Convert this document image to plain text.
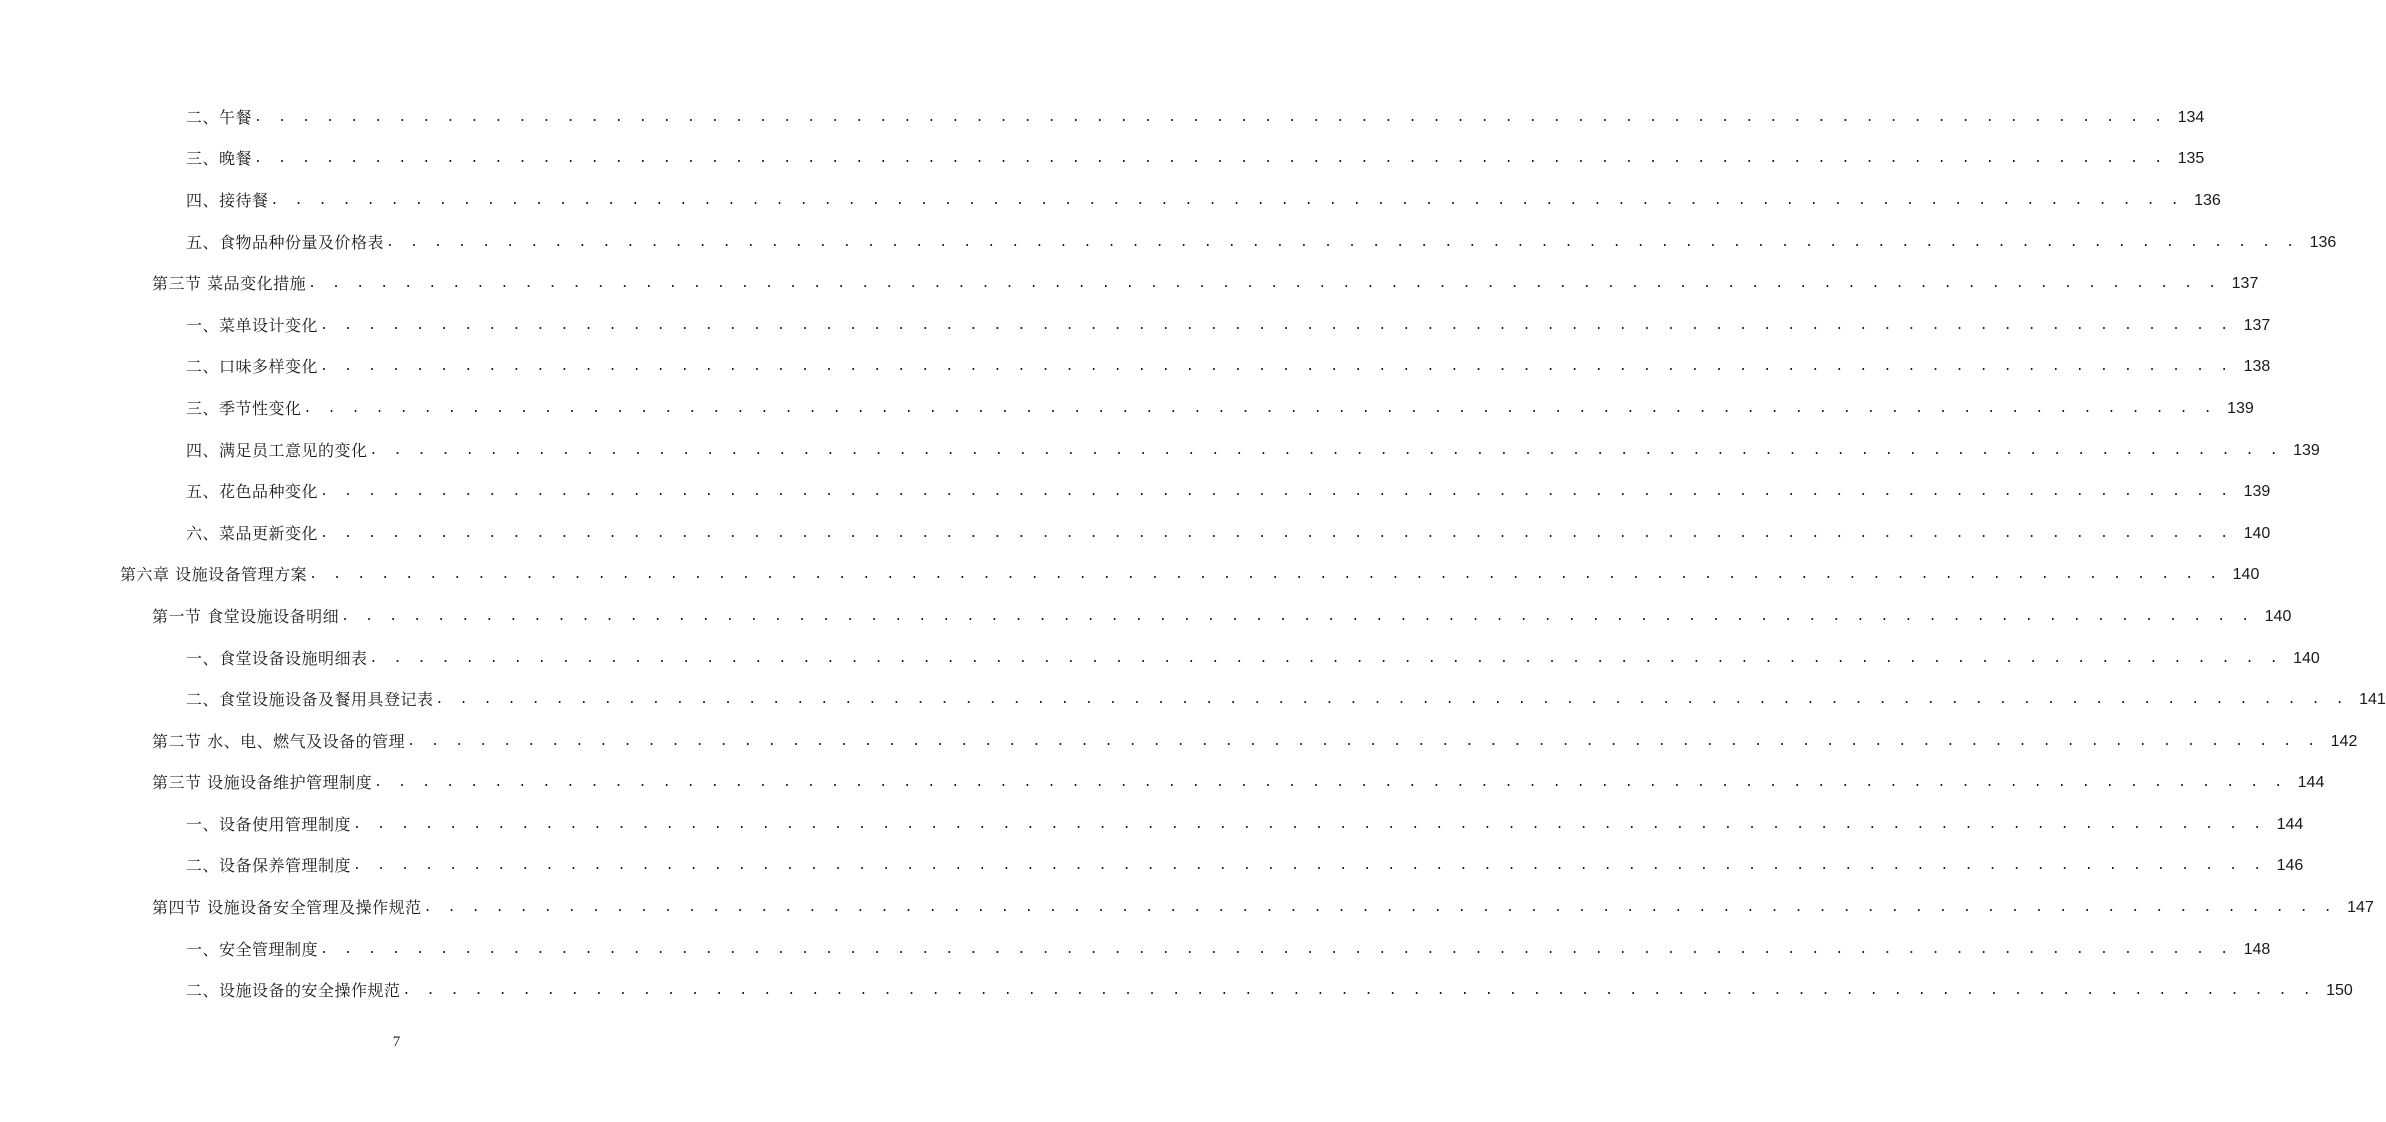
二、午餐 . . . . . . . . . . . . . . . . . . . . . . . . . . . . . . . . . . . . . . . . . . . . . . . . . . . . . . . . . . . . . . . . . . . . . . . . . . . . . . . . 134
三、晚餐 . . . . . . . . . . . . . . . . . . . . . . . . . . . . . . . . . . . . . . . . . . . . . . . . . . . . . . . . . . . . . . . . . . . . . . . . . . . . . . . . 135
四、接待餐 . . . . . . . . . . . . . . . . . . . . . . . . . . . . . . . . . . . . . . . . . . . . . . . . . . . . . . . . . . . . . . . . . . . . . . . . . . . . . . . . 136
五、食物品种份量及价格表 . . . . . . . . . . . . . . . . . . . . . . . . . . . . . . . . . . . . . . . . . . . . . . . . . . . . . . . . . . . . . . . . . . . . . . . . . . . . . . . . 136
第三节 菜品变化措施 . . . . . . . . . . . . . . . . . . . . . . . . . . . . . . . . . . . . . . . . . . . . . . . . . . . . . . . . . . . . . . . . . . . . . . . . . . . . . . . . 137
一、菜单设计变化 . . . . . . . . . . . . . . . . . . . . . . . . . . . . . . . . . . . . . . . . . . . . . . . . . . . . . . . . . . . . . . . . . . . . . . . . . . . . . . . . 137
二、口味多样变化 . . . . . . . . . . . . . . . . . . . . . . . . . . . . . . . . . . . . . . . . . . . . . . . . . . . . . . . . . . . . . . . . . . . . . . . . . . . . . . . . 138
三、季节性变化 . . . . . . . . . . . . . . . . . . . . . . . . . . . . . . . . . . . . . . . . . . . . . . . . . . . . . . . . . . . . . . . . . . . . . . . . . . . . . . . . 139
四、满足员工意见的变化 . . . . . . . . . . . . . . . . . . . . . . . . . . . . . . . . . . . . . . . . . . . . . . . . . . . . . . . . . . . . . . . . . . . . . . . . . . . . . . . . 139
五、花色品种变化 . . . . . . . . . . . . . . . . . . . . . . . . . . . . . . . . . . . . . . . . . . . . . . . . . . . . . . . . . . . . . . . . . . . . . . . . . . . . . . . . 139
六、菜品更新变化 . . . . . . . . . . . . . . . . . . . . . . . . . . . . . . . . . . . . . . . . . . . . . . . . . . . . . . . . . . . . . . . . . . . . . . . . . . . . . . . . 140
第六章 设施设备管理方案 . . . . . . . . . . . . . . . . . . . . . . . . . . . . . . . . . . . . . . . . . . . . . . . . . . . . . . . . . . . . . . . . . . . . . . . . . . . . . . . . 140
第一节 食堂设施设备明细 . . . . . . . . . . . . . . . . . . . . . . . . . . . . . . . . . . . . . . . . . . . . . . . . . . . . . . . . . . . . . . . . . . . . . . . . . . . . . . . . 140
一、食堂设备设施明细表 . . . . . . . . . . . . . . . . . . . . . . . . . . . . . . . . . . . . . . . . . . . . . . . . . . . . . . . . . . . . . . . . . . . . . . . . . . . . . . . . 140
二、食堂设施设备及餐用具登记表 . . . . . . . . . . . . . . . . . . . . . . . . . . . . . . . . . . . . . . . . . . . . . . . . . . . . . . . . . . . . . . . . . . . . . . . . . . . . . . . . 141
第二节 水、电、燃气及设备的管理 . . . . . . . . . . . . . . . . . . . . . . . . . . . . . . . . . . . . . . . . . . . . . . . . . . . . . . . . . . . . . . . . . . . . . . . . . . . . . . . . 142
第三节 设施设备维护管理制度 . . . . . . . . . . . . . . . . . . . . . . . . . . . . . . . . . . . . . . . . . . . . . . . . . . . . . . . . . . . . . . . . . . . . . . . . . . . . . . . . 144
一、设备使用管理制度 . . . . . . . . . . . . . . . . . . . . . . . . . . . . . . . . . . . . . . . . . . . . . . . . . . . . . . . . . . . . . . . . . . . . . . . . . . . . . . . . 144
二、设备保养管理制度 . . . . . . . . . . . . . . . . . . . . . . . . . . . . . . . . . . . . . . . . . . . . . . . . . . . . . . . . . . . . . . . . . . . . . . . . . . . . . . . . 146
第四节 设施设备安全管理及操作规范 . . . . . . . . . . . . . . . . . . . . . . . . . . . . . . . . . . . . . . . . . . . . . . . . . . . . . . . . . . . . . . . . . . . . . . . . . . . . . . . . 147
一、安全管理制度 . . . . . . . . . . . . . . . . . . . . . . . . . . . . . . . . . . . . . . . . . . . . . . . . . . . . . . . . . . . . . . . . . . . . . . . . . . . . . . . . 148
二、设施设备的安全操作规范 . . . . . . . . . . . . . . . . . . . . . . . . . . . . . . . . . . . . . . . . . . . . . . . . . . . . . . . . . . . . . . . . . . . . . . . . . . . . . . . . 150
7
